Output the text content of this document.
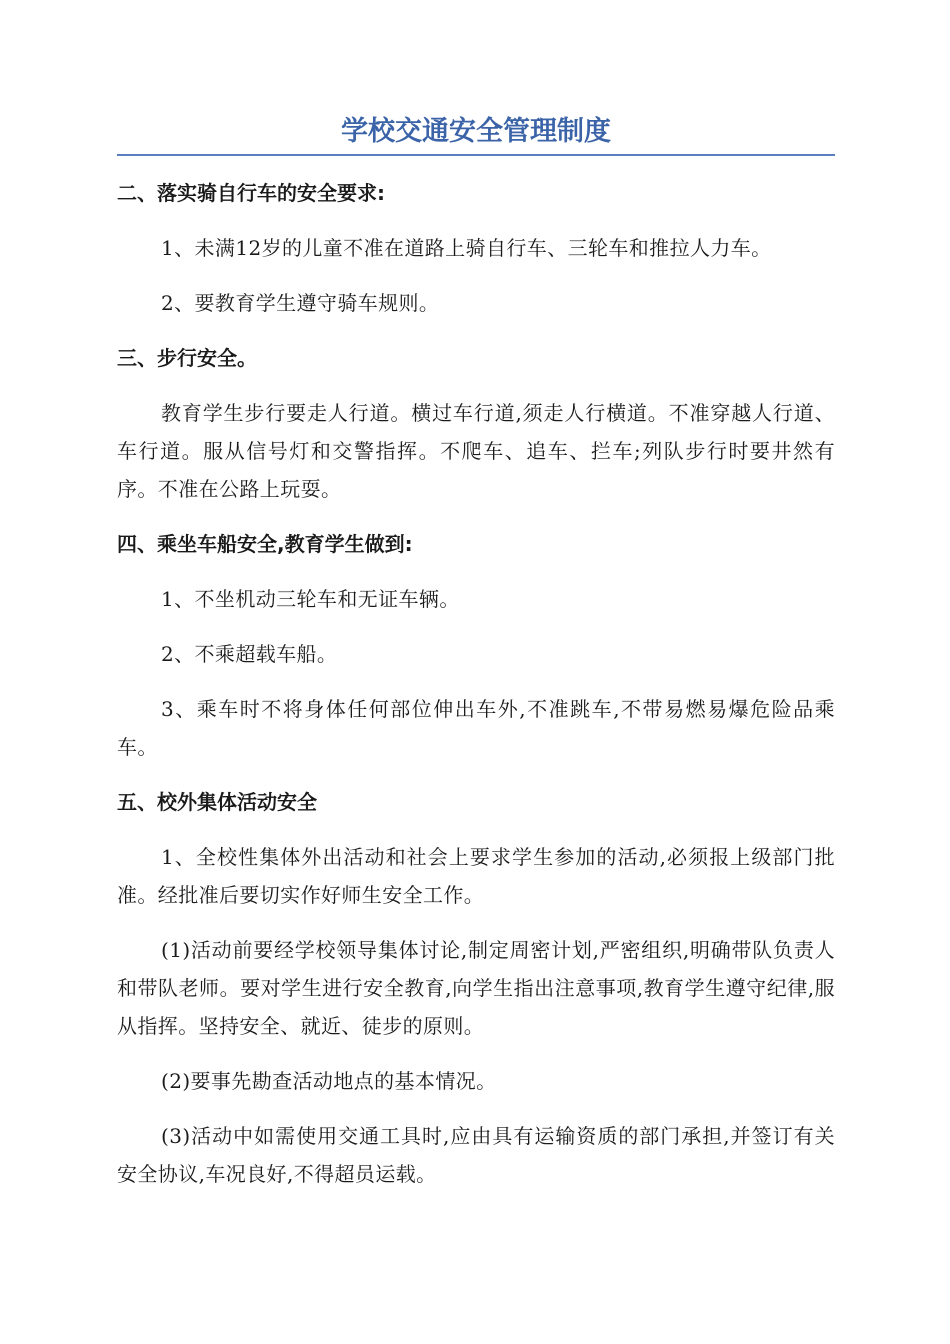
学校交通安全管理制度

二、落实骑自行车的安全要求:

1、未满12岁的儿童不准在道路上骑自行车、三轮车和推拉人力车。

2、要教育学生遵守骑车规则。

三、步行安全。

教育学生步行要走人行道。横过车行道,须走人行横道。不准穿越人行道、车行道。服从信号灯和交警指挥。不爬车、追车、拦车;列队步行时要井然有序。不准在公路上玩耍。

四、乘坐车船安全,教育学生做到:

1、不坐机动三轮车和无证车辆。

2、不乘超载车船。

3、乘车时不将身体任何部位伸出车外,不准跳车,不带易燃易爆危险品乘车。

五、校外集体活动安全

1、全校性集体外出活动和社会上要求学生参加的活动,必须报上级部门批准。经批准后要切实作好师生安全工作。

(1)活动前要经学校领导集体讨论,制定周密计划,严密组织,明确带队负责人和带队老师。要对学生进行安全教育,向学生指出注意事项,教育学生遵守纪律,服从指挥。坚持安全、就近、徒步的原则。

(2)要事先勘查活动地点的基本情况。

(3)活动中如需使用交通工具时,应由具有运输资质的部门承担,并签订有关安全协议,车况良好,不得超员运载。
